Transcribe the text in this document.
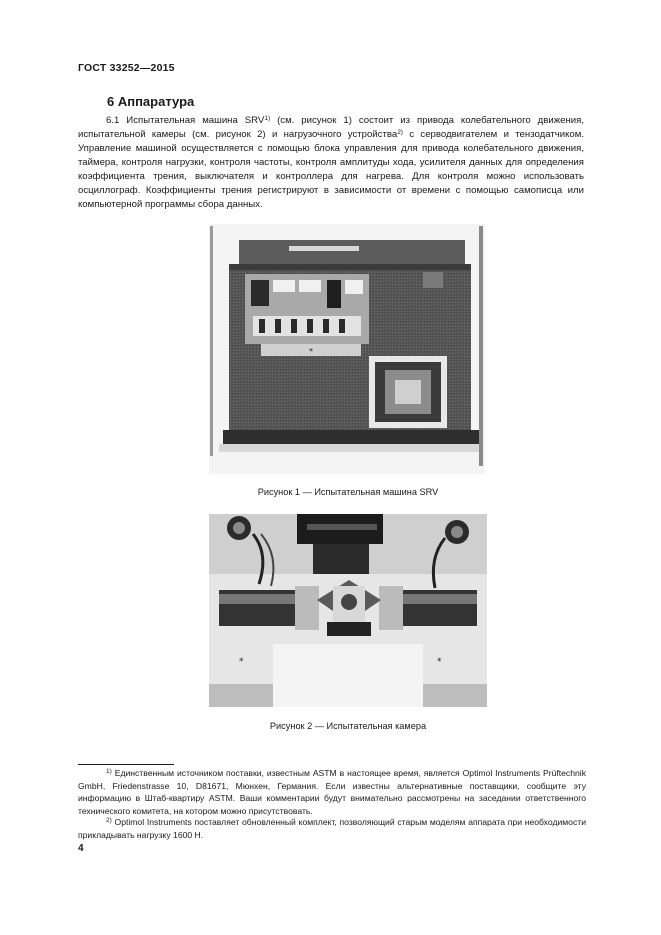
ГОСТ 33252—2015
6 Аппаратура

6.1 Испытательная машина SRV$^{1)}$ (см. рисунок 1) состоит из привода колебательного движения, испытательной камеры (см. рисунок 2) и нагрузочного устройства$^{2)}$ с серводвигателем и тензодатчиком. Управление машиной осуществляется с помощью блока управления для привода колебательного движения, таймера, контроля нагрузки, контроля частоты, контроля амплитуды хода, усилителя данных для определения коэффициента трения, выключателя и контроллера для нагрева. Для контроля можно использовать осциллограф. Коэффициенты трения регистрируют в зависимости от времени с помощью самописца или компьютерной программы сбора данных.

*
Рисунок 1 — Испытательная машина SRV
*	*
Рисунок 2 — Испытательная камера

$^{1)}$ Единственным источником поставки, известным ASTM в настоящее время, является Optimol Instruments Prüftechnik GmbH, Friedenstrasse 10, D81671, Мюнхен, Германия. Если известны альтернативные поставщики, сообщите эту информацию в Штаб-квартиру ASTM. Ваши комментарии будут внимательно рассмотрены на заседании ответственного технического комитета, на котором можно присутствовать.

$^{2)}$ Optimol Instruments поставляет обновленный комплект, позволяющий старым моделям аппарата при необходимости прикладывать нагрузку 1600 Н.

4
